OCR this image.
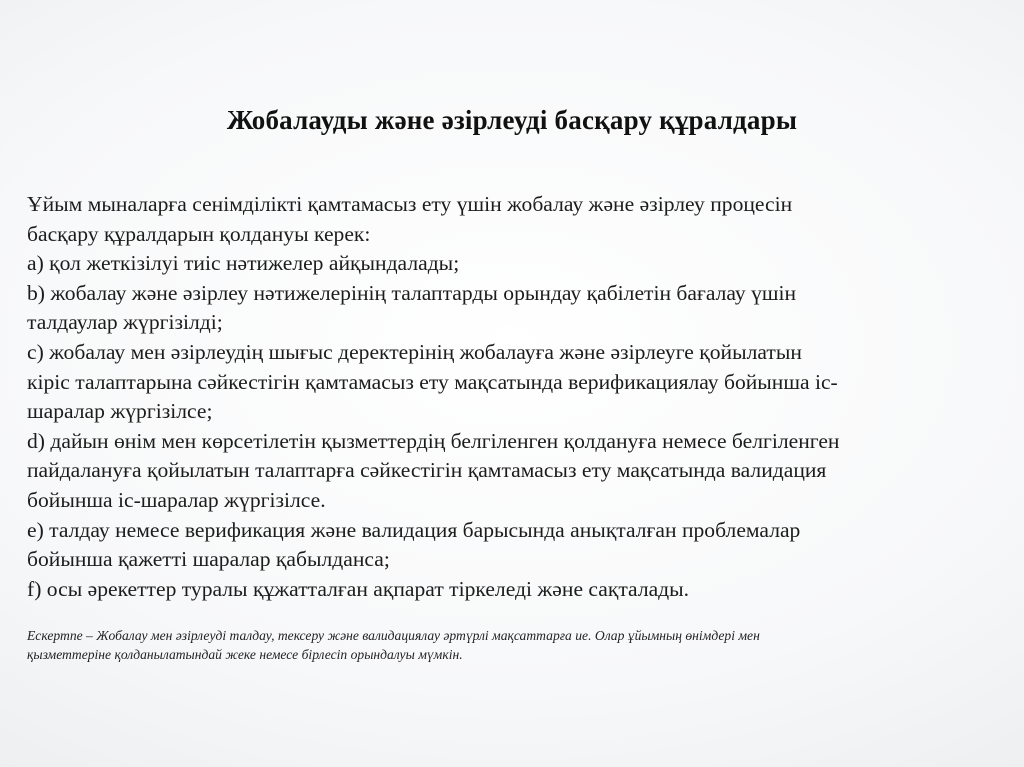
Жобалауды және әзірлеуді басқару құралдары
Ұйым мыналарға сенімділікті қамтамасыз ету үшін жобалау және әзірлеу процесін
басқару құралдарын қолдануы керек:
a) қол жеткізілуі тиіс нәтижелер айқындалады;
b) жобалау және әзірлеу нәтижелерінің талаптарды орындау қабілетін бағалау үшін
талдаулар жүргізілді;
c) жобалау мен әзірлеудің шығыс деректерінің жобалауға және әзірлеуге қойылатын
кіріс талаптарына сәйкестігін қамтамасыз ету мақсатында верификациялау бойынша іс-
шаралар жүргізілсе;
d) дайын өнім мен көрсетілетін қызметтердің белгіленген қолдануға немесе белгіленген
пайдалануға қойылатын талаптарға сәйкестігін қамтамасыз ету мақсатында валидация
бойынша іс-шаралар жүргізілсе.
e) талдау немесе верификация және валидация барысында анықталған проблемалар
бойынша қажетті шаралар қабылданса;
f) осы әрекеттер туралы құжатталған ақпарат тіркеледі және сақталады.
Ескертпе – Жобалау мен әзірлеуді талдау, тексеру және валидациялау әртүрлі мақсаттарға ие. Олар ұйымның өнімдері мен
қызметтеріне қолданылатындай жеке немесе бірлесіп орындалуы мүмкін.
